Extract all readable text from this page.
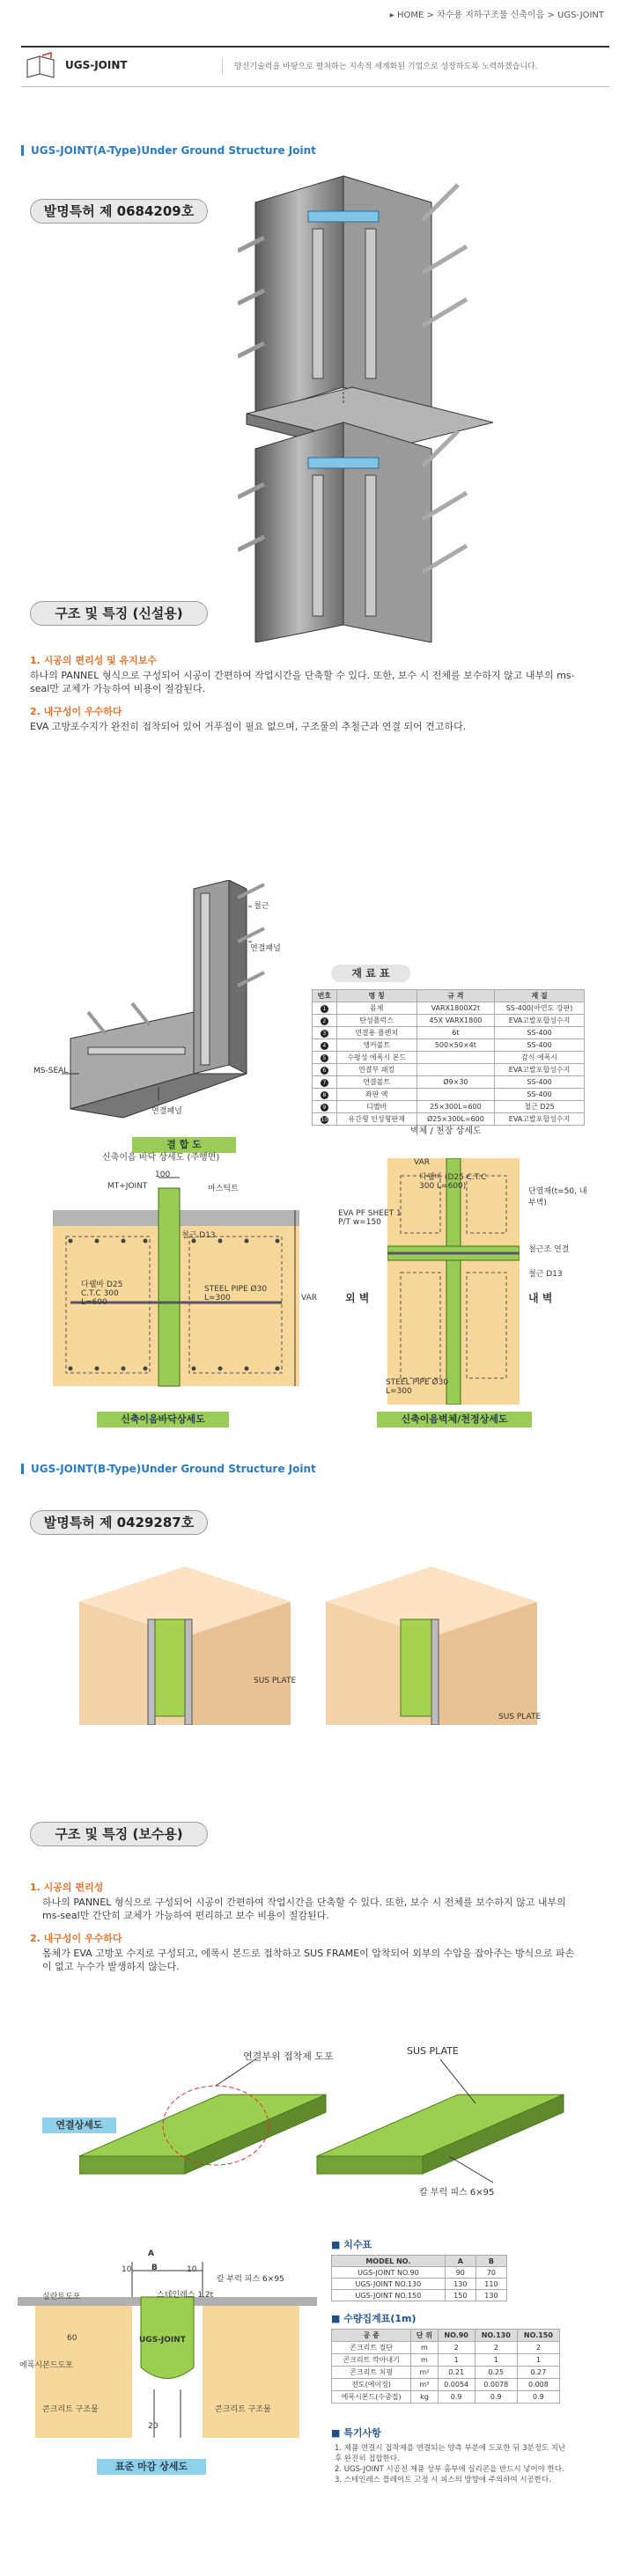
▸ HOME > 차수용 지하구조물 신축이음 > UGS-JOINT
UGS-JOINT	양신기술력을 바탕으로 펼쳐하는 지속적 세계화된 기업으로 성장하도록 노력하겠습니다.
UGS-JOINT(A-Type)Under Ground Structure Joint
발명특허 제 0684209호
구조 및 특징 (신설용)
1. 시공의 편리성 및 유지보수
하나의 PANNEL 형식으로 구성되어 시공이 간편하여 작업시간을 단축할 수 있다. 또한, 보수 시 전체를 보수하지 않고 내부의 ms-seal만 교체가 가능하여 비용이 절감된다.
2. 내구성이 우수하다
EVA 고방포수지가 완전히 접착되어 있어 거푸집이 필요 없으며, 구조물의 추철근과 연결 되어 견고하다.
철근
연결패널
MS-SEAL
연결패널
결 합 도
재 료 표
번호	명 칭	규 격	재 질
1	몸체	VARX1800X2t	SS-400(아연도 강판)
2	탄성플럭스	45X VARX1800	EVA고발포합성수지
3	연결용 플렌치	6t	SS-400
4	앵커볼트	500×50×4t	SS-400
5	수평성 에폭시 본드		감식 에폭시
6	연결부 패킹		EVA고발포합성수지
7	연결볼트	Ø9×30	SS-400
8	좌판 액		SS-400
9	디벨바	25×300L=600	철근 D25
10	유간형 인성형판재	Ø25×300L=600	EVA고발포합성수지
신축이음 바닥 상세도 (주행면)
벽체 / 천장 상세도
MT+JOINT
100
마스틱트
철근 D13
다웰바 D25 C.T.C 300 L=600
STEEL PIPE Ø30 L=300	VAR
신축이음바닥상세도
VAR
다웰바 (D25 C.T.C 300 L=600)
EVA PF SHEET 1 P/T w=150
단열재(t=50, 내부벽)
철근조 연결
철근 D13
외 벽	내 벽
STEEL PIPE Ø30 L=300
신축이음벽체/천정상세도
UGS-JOINT(B-Type)Under Ground Structure Joint
발명특허 제 0429287호
SUS PLATE
SUS PLATE
구조 및 특징 (보수용)
1. 시공의 편리성
하나의 PANNEL 형식으로 구성되어 시공이 간편하여 작업시간을 단축할 수 있다. 또한, 보수 시 전체를 보수하지 않고 내부의 ms-seal만 간단히 교체가 가능하여 편리하고 보수 비용이 절감된다.
2. 내구성이 우수하다
몸체가 EVA 고방포 수지로 구성되고, 에폭시 본드로 접착하고 SUS FRAME이 압착되어 외부의 수압을 잡아주는 방식으로 파손이 없고 누수가 발생하지 않는다.
연결부위 접착제 도포	SUS PLATE
연결상세도
칼 부럭 피스 6×95
A
B
10	10
60
20
칼 부럭 피스 6×95
실란트도포	스테인레스 1.2t
에폭시본드도포
UGS-JOINT
콘크리트 구조물	콘크리트 구조물
표준 마감 상세도
■ 치수표
MODEL NO.	A	B
UGS-JOINT NO.90	90	70
UGS-JOINT NO.130	130	110
UGS-JOINT NO.150	150	130
■ 수량집계표(1m)
공 종	단 위	NO.90	NO.130	NO.150
콘크리트 절단	m	2	2	2
콘크리트 깍아내기	m	1	1	1
콘크리트 치핑	m²	0.21	0.25	0.27
전도(에이징)	m³	0.0054	0.0078	0.008
에폭시본드(수중접)	kg	0.9	0.9	0.9
■ 특기사항
1. 제품 연결시 접착제를 연결되는 양측 부분에 도포한 뒤 3분정도 지난 후 완전히 접합한다.
2. UGS-JOINT 시공전 제품 상부 홈부에 실리콘을 반드시 넣어야 한다.
3. 스테인레스 플레이트 고정 시 피스의 방향에 주의하여 시공한다.
